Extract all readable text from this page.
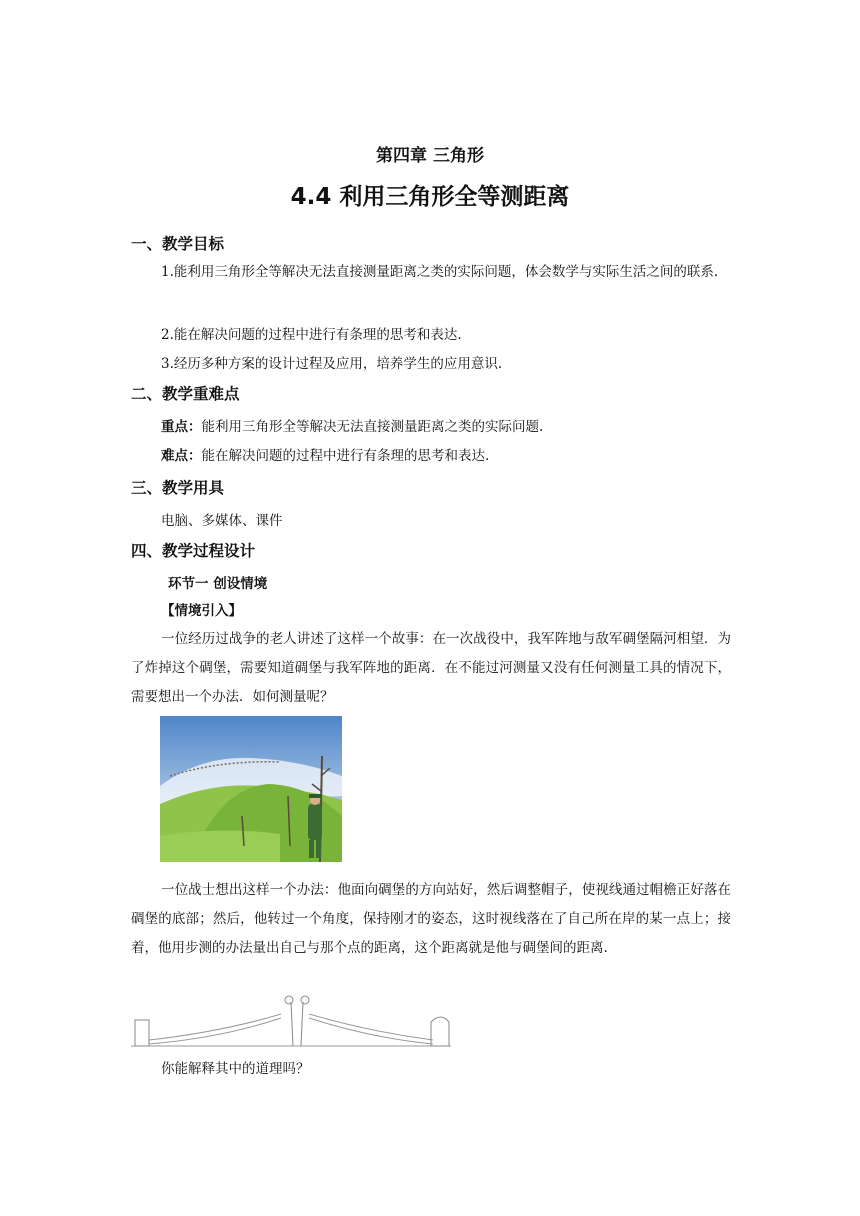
第四章 三角形
4.4 利用三角形全等测距离
一、教学目标
1.能利用三角形全等解决无法直接测量距离之类的实际问题，体会数学与实际生活之间的联系.
2.能在解决问题的过程中进行有条理的思考和表达.
3.经历多种方案的设计过程及应用，培养学生的应用意识.
二、教学重难点
重点：能利用三角形全等解决无法直接测量距离之类的实际问题.
难点：能在解决问题的过程中进行有条理的思考和表达.
三、教学用具
电脑、多媒体、课件
四、教学过程设计
环节一 创设情境
【情境引入】
一位经历过战争的老人讲述了这样一个故事：在一次战役中，我军阵地与敌军碉堡隔河相望．为了炸掉这个碉堡，需要知道碉堡与我军阵地的距离．在不能过河测量又没有任何测量工具的情况下，需要想出一个办法．如何测量呢？
一位战士想出这样一个办法：他面向碉堡的方向站好，然后调整帽子，使视线通过帽檐正好落在碉堡的底部；然后，他转过一个角度，保持刚才的姿态，这时视线落在了自己所在岸的某一点上；接着，他用步测的办法量出自己与那个点的距离，这个距离就是他与碉堡间的距离.
你能解释其中的道理吗？
